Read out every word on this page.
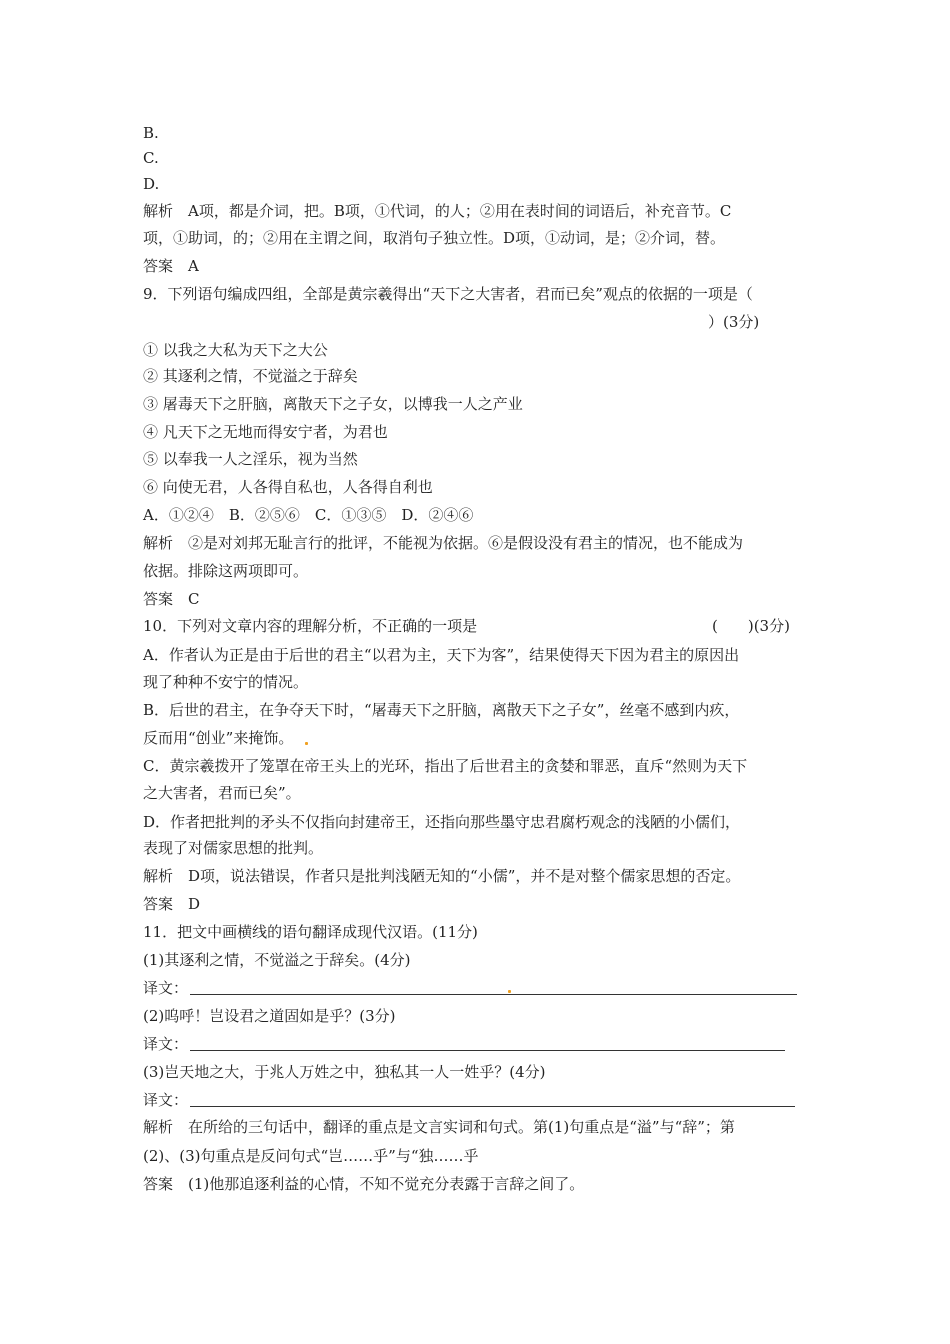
B.
C.
D.
解析　A项，都是介词，把。B项，①代词，的人；②用在表时间的词语后，补充音节。C
项，①助词，的；②用在主谓之间，取消句子独立性。D项，①动词，是；②介词，替。
答案　A
9．下列语句编成四组，全部是黄宗羲得出“天下之大害者，君而已矣”观点的依据的一项是（
）(3分)
① 以我之大私为天下之大公
② 其逐利之情，不觉溢之于辞矣
③ 屠毒天下之肝脑，离散天下之子女，以博我一人之产业
④ 凡天下之无地而得安宁者，为君也
⑤ 以奉我一人之淫乐，视为当然
⑥ 向使无君，人各得自私也，人各得自利也
A．①②④　B．②⑤⑥　C．①③⑤　D．②④⑥
解析　②是对刘邦无耻言行的批评，不能视为依据。⑥是假设没有君主的情况，也不能成为
依据。排除这两项即可。
答案　C
10．下列对文章内容的理解分析，不正确的一项是	(　　)(3分)
A．作者认为正是由于后世的君主“以君为主，天下为客”，结果使得天下因为君主的原因出
现了种种不安宁的情况。
B．后世的君主，在争夺天下时，“屠毒天下之肝脑，离散天下之子女”，丝毫不感到内疚，
反而用“创业”来掩饰。
C．黄宗羲拨开了笼罩在帝王头上的光环，指出了后世君主的贪婪和罪恶，直斥“然则为天下
之大害者，君而已矣”。
D．作者把批判的矛头不仅指向封建帝王，还指向那些墨守忠君腐朽观念的浅陋的小儒们，
表现了对儒家思想的批判。
解析　D项，说法错误，作者只是批判浅陋无知的“小儒”，并不是对整个儒家思想的否定。
答案　D
11．把文中画横线的语句翻译成现代汉语。(11分)
(1)其逐利之情，不觉溢之于辞矣。(4分)
译文：
(2)呜呼！岂设君之道固如是乎？(3分)
译文：
(3)岂天地之大，于兆人万姓之中，独私其一人一姓乎？(4分)
译文：
解析　在所给的三句话中，翻译的重点是文言实词和句式。第(1)句重点是“溢”与“辞”；第
(2)、(3)句重点是反问句式“岂……乎”与“独……乎
答案　(1)他那追逐利益的心情，不知不觉充分表露于言辞之间了。
